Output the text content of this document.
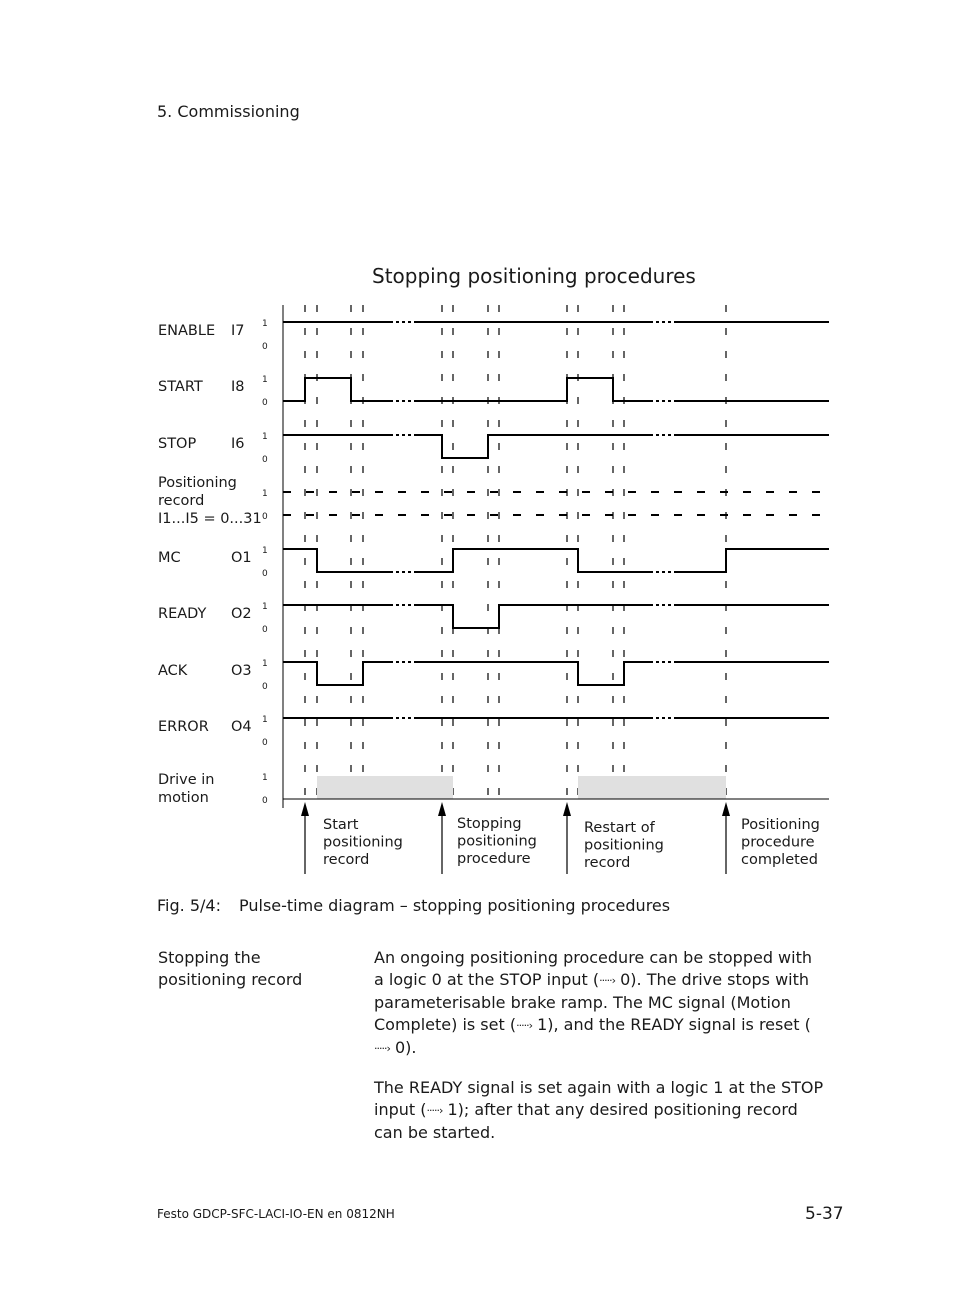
5. Commissioning
Stopping positioning procedures
ENABLE I7 1
0
START I8 1
0
STOP I6 1
0
Positioning
record
I1...I5 = 0...31
1
0
MC	O1 1
0
READY O2 1
0
ACK	O3 1
0
ERROR O4 1
0
Drive in
motion
1
0
Start
positioning
record
Stopping
positioning
procedure
Restart of
positioning
record
Positioning
procedure
completed
Fig. 5/4: Pulse-time diagram – stopping positioning procedures
Stopping the positioning record

An ongoing positioning procedure can be stopped with a logic 0 at the STOP input (·····› 0). The drive stops with parameterisable brake ramp. The MC signal (Motion Complete) is set (·····› 1), and the READY signal is reset (·····› 0).

The READY signal is set again with a logic 1 at the STOP input (·····› 1); after that any desired positioning record can be started.

Festo GDCP-SFC-LACI-IO-EN en 0812NH	5-37
